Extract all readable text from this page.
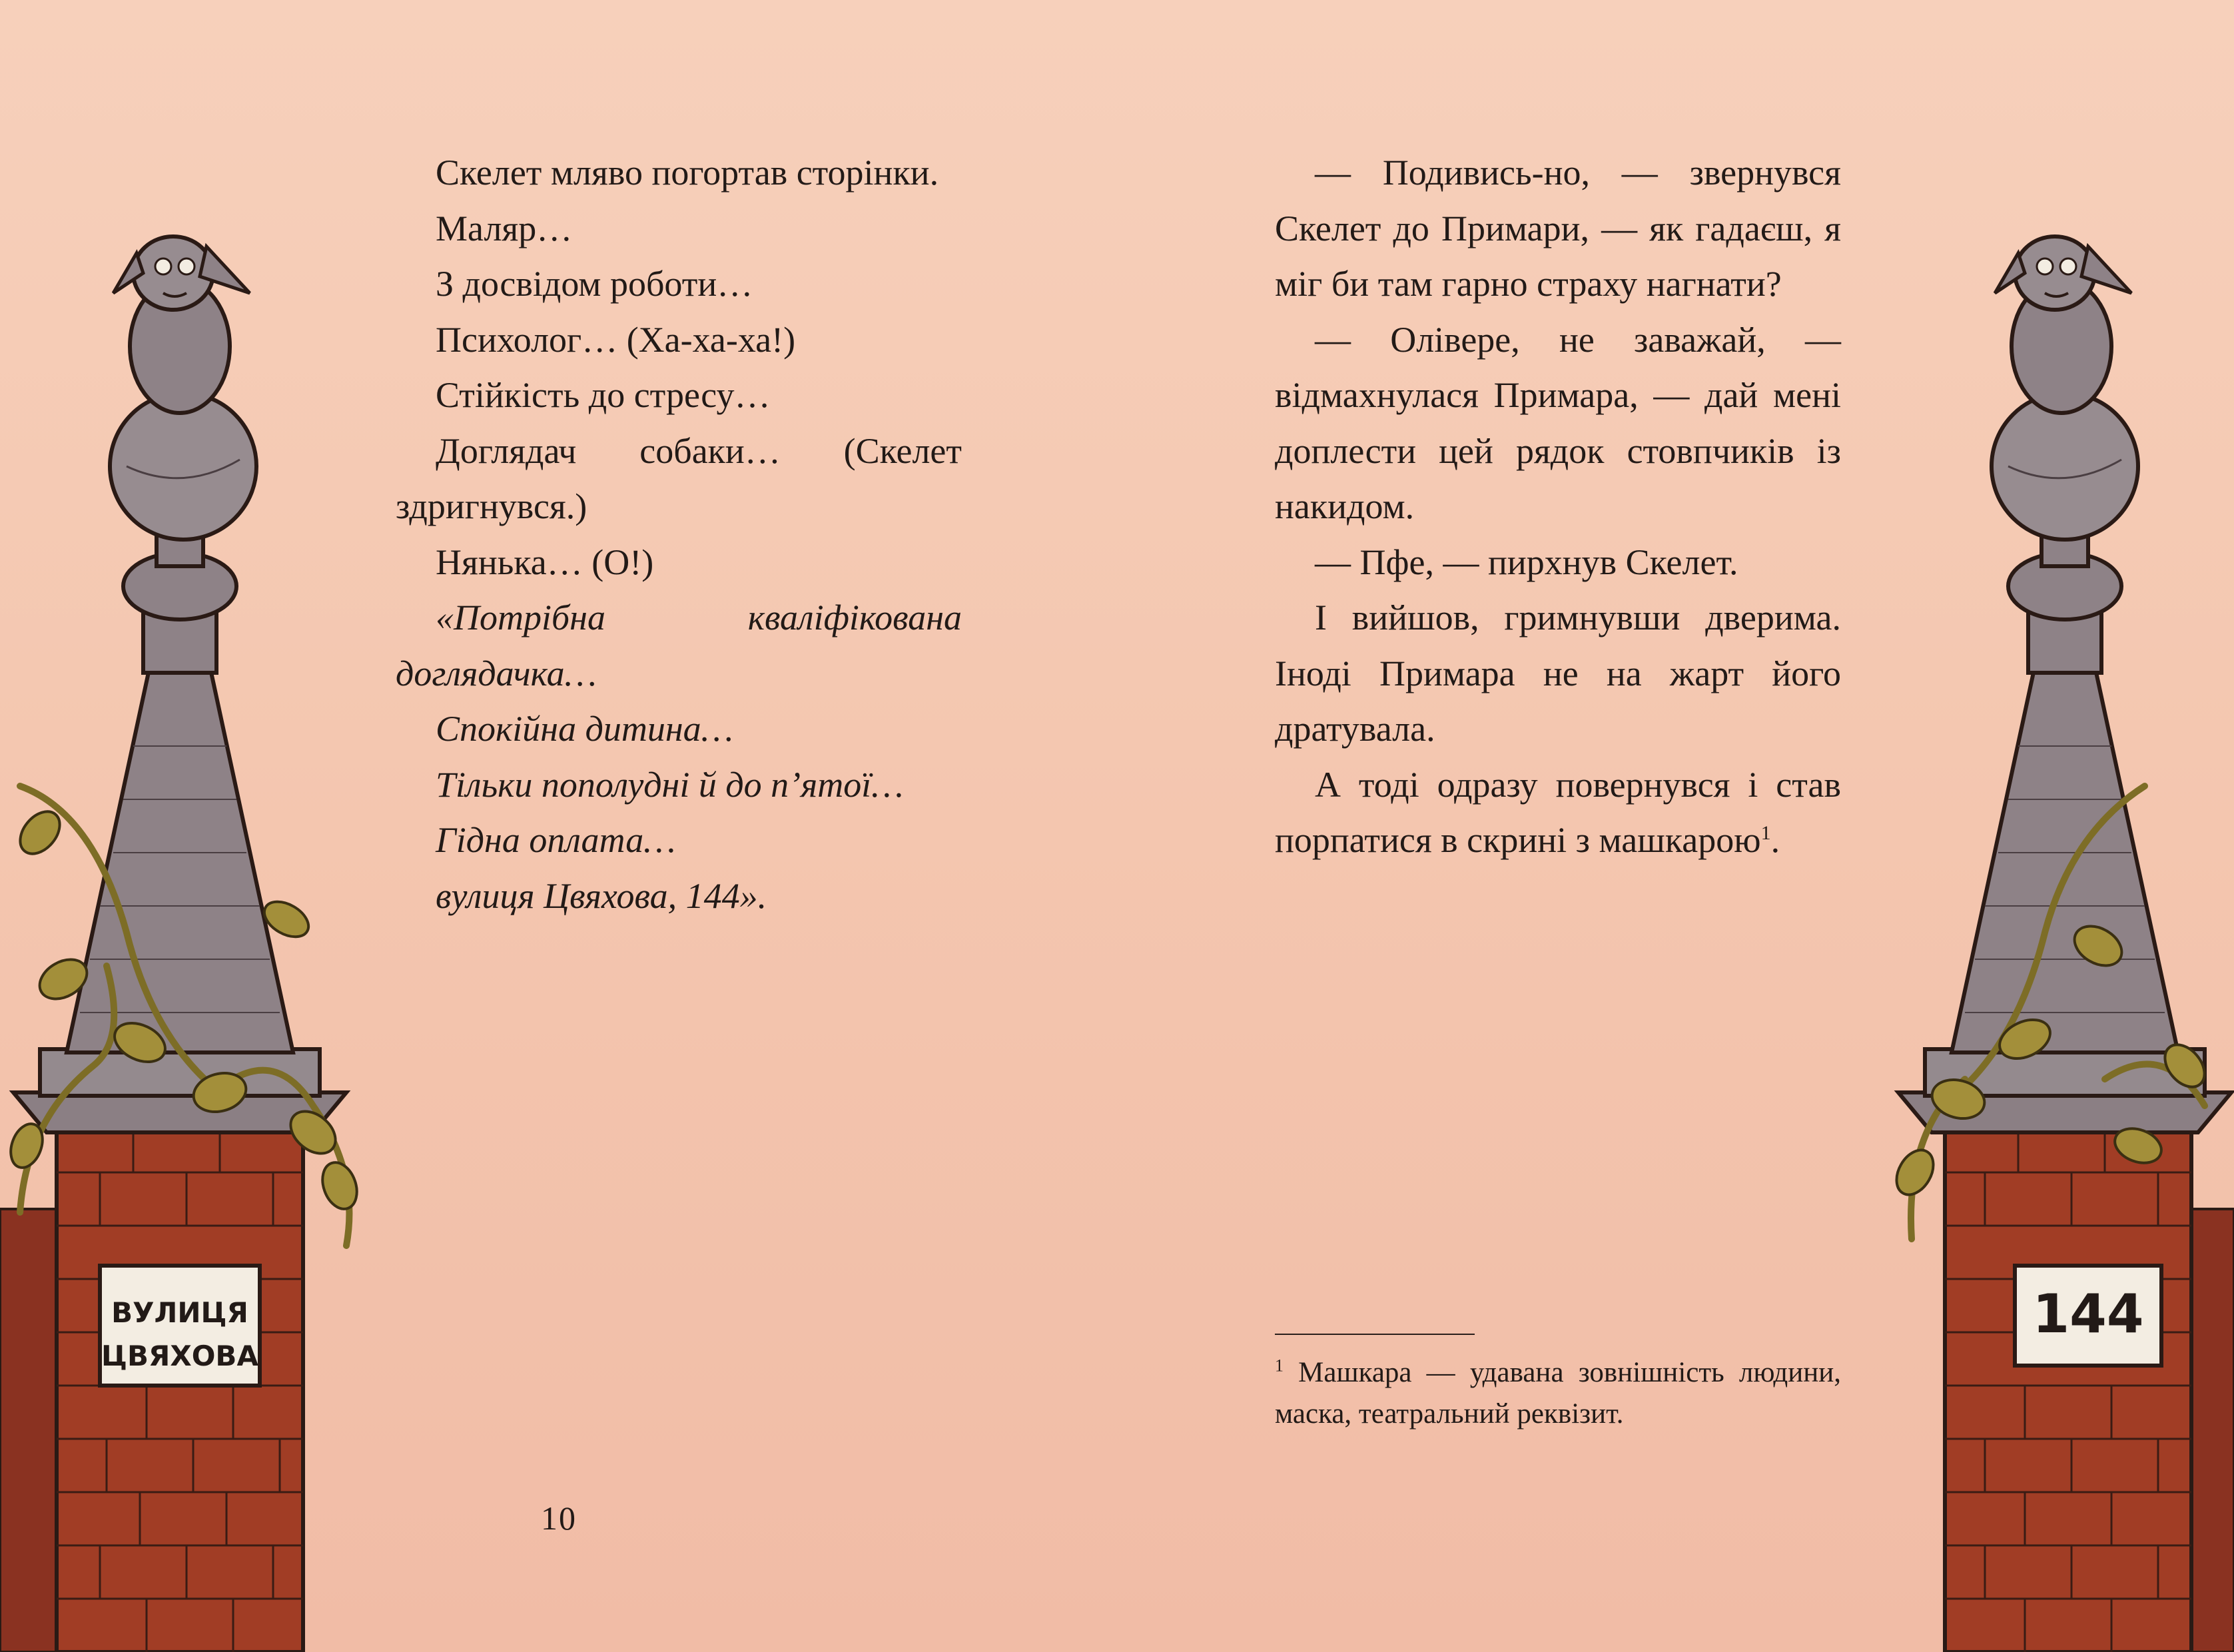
ВУЛИЦЯ
ЦВЯХОВА
144

Скелет мляво погортав сторінки.

Маляр…

З досвідом роботи…

Психолог… (Ха-ха-ха!)

Стійкість до стресу…

Доглядач собаки… (Скелет здригнувся.)

Нянька… (О!)

«Потрібна кваліфікована доглядачка…

Спокійна дитина…

Тільки пополудні й до п’ятої…

Гідна оплата…

вулиця Цвяхова, 144».

10

— Подивись-но, — звернувся Скелет до Примари, — як гадаєш, я міг би там гарно страху нагнати?

— Олівере, не заважай, — відмахнулася Примара, — дай мені доплести цей рядок стовпчиків із накидом.

— Пфе, — пирхнув Скелет.

І вийшов, гримнувши дверима. Іноді Примара не на жарт його дратувала.

А тоді одразу повернувся і став порпатися в скрині з машкарою$^1$.

$^1$ Машкара — удавана зовнішність людини, маска, театральний реквізит.
